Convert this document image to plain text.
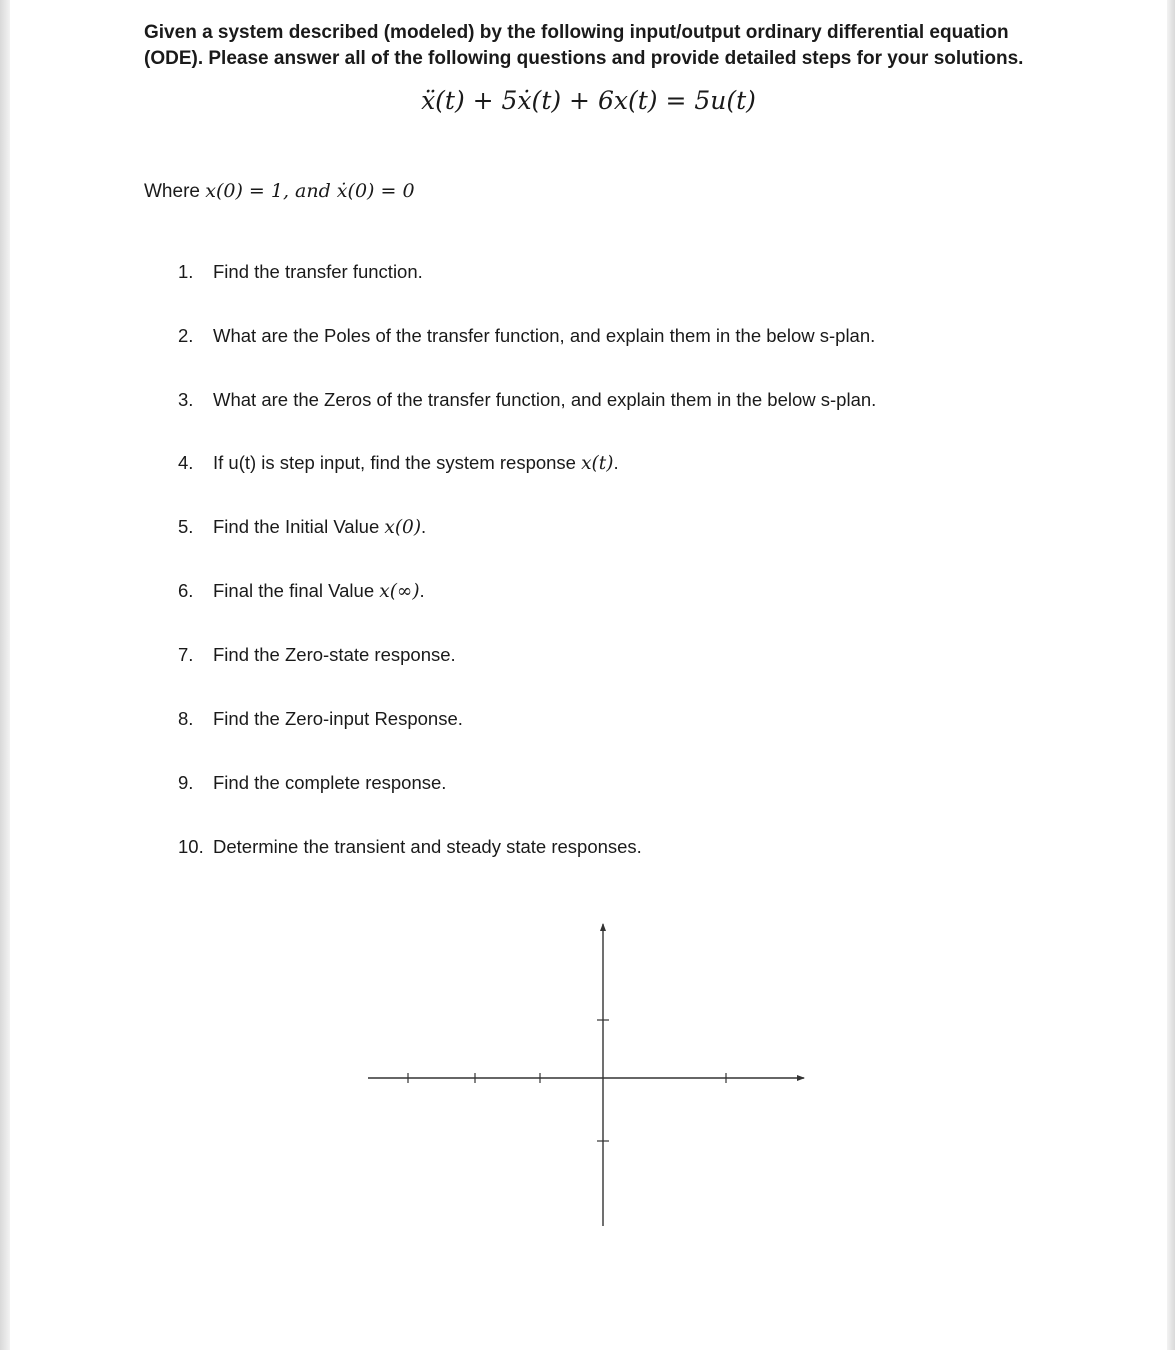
Given a system described (modeled) by the following input/output ordinary differential equation (ODE). Please answer all of the following questions and provide detailed steps for your solutions.
ẍ(t) + 5ẋ(t) + 6x(t) = 5u(t)
Where x(0) = 1, and ẋ(0) = 0
1. Find the transfer function.
2. What are the Poles of the transfer function, and explain them in the below s-plan.
3. What are the Zeros of the transfer function, and explain them in the below s-plan.
4. If u(t) is step input, find the system response x(t).
5. Find the Initial Value x(0).
6. Final the final Value x(∞).
7. Find the Zero-state response.
8. Find the Zero-input Response.
9. Find the complete response.
10. Determine the transient and steady state responses.
